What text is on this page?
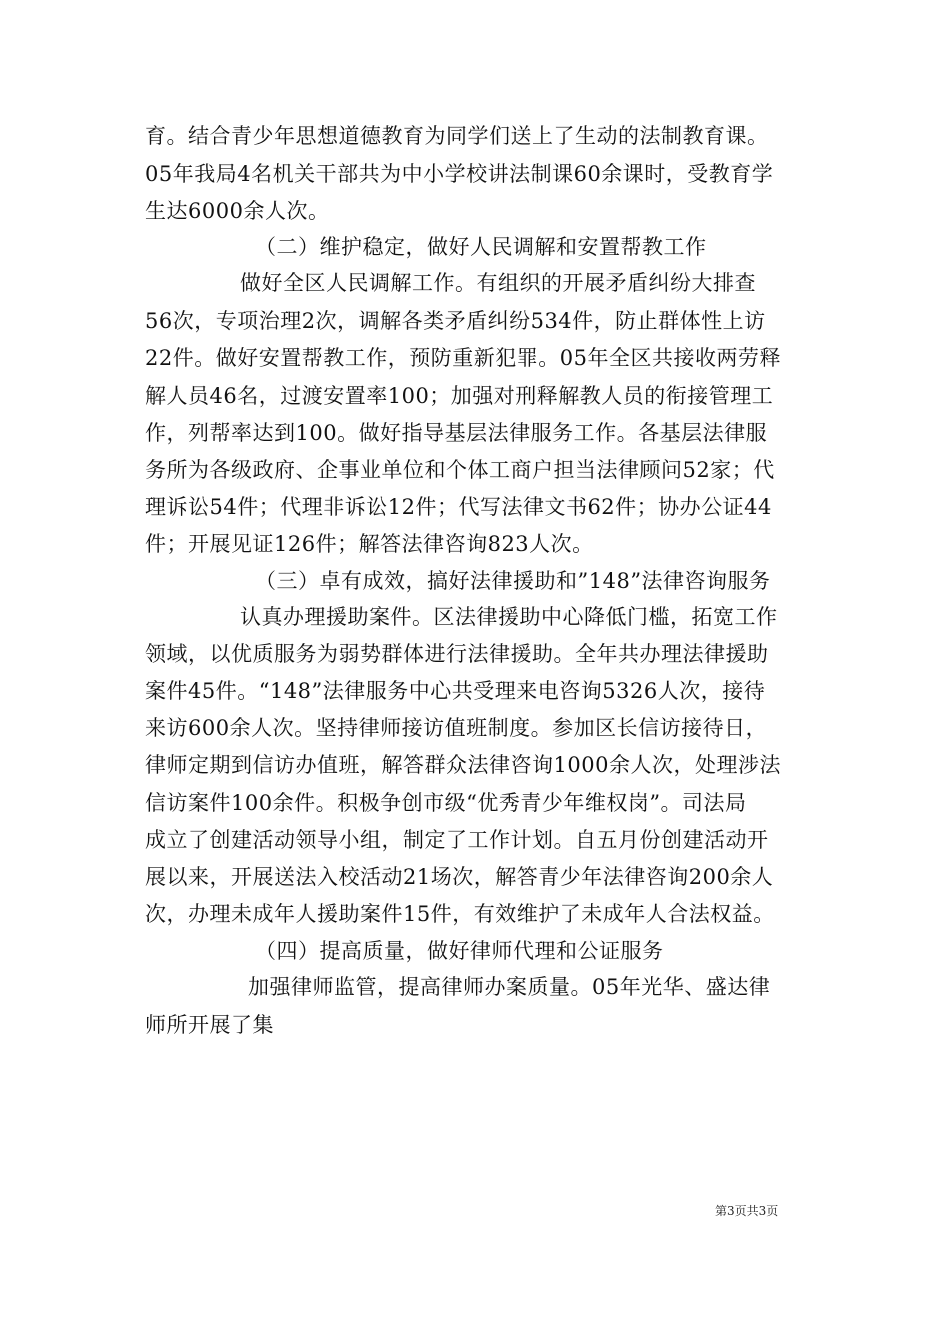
育。结合青少年思想道德教育为同学们送上了生动的法制教育课。
05年我局4名机关干部共为中小学校讲法制课60余课时，受教育学
生达6000余人次。
（二）维护稳定，做好人民调解和安置帮教工作
做好全区人民调解工作。有组织的开展矛盾纠纷大排查
56次，专项治理2次，调解各类矛盾纠纷534件，防止群体性上访
22件。做好安置帮教工作，预防重新犯罪。05年全区共接收两劳释
解人员46名，过渡安置率100；加强对刑释解教人员的衔接管理工
作，列帮率达到100。做好指导基层法律服务工作。各基层法律服
务所为各级政府、企事业单位和个体工商户担当法律顾问52家；代
理诉讼54件；代理非诉讼12件；代写法律文书62件；协办公证44
件；开展见证126件；解答法律咨询823人次。
（三）卓有成效，搞好法律援助和”148”法律咨询服务
认真办理援助案件。区法律援助中心降低门槛，拓宽工作
领域，以优质服务为弱势群体进行法律援助。全年共办理法律援助
案件45件。“148”法律服务中心共受理来电咨询5326人次，接待
来访600余人次。坚持律师接访值班制度。参加区长信访接待日，
律师定期到信访办值班，解答群众法律咨询1000余人次，处理涉法
信访案件100余件。积极争创市级“优秀青少年维权岗”。司法局
成立了创建活动领导小组，制定了工作计划。自五月份创建活动开
展以来，开展送法入校活动21场次，解答青少年法律咨询200余人
次，办理未成年人援助案件15件，有效维护了未成年人合法权益。
（四）提高质量，做好律师代理和公证服务
加强律师监管，提高律师办案质量。05年光华、盛达律
师所开展了集
第3页共3页
